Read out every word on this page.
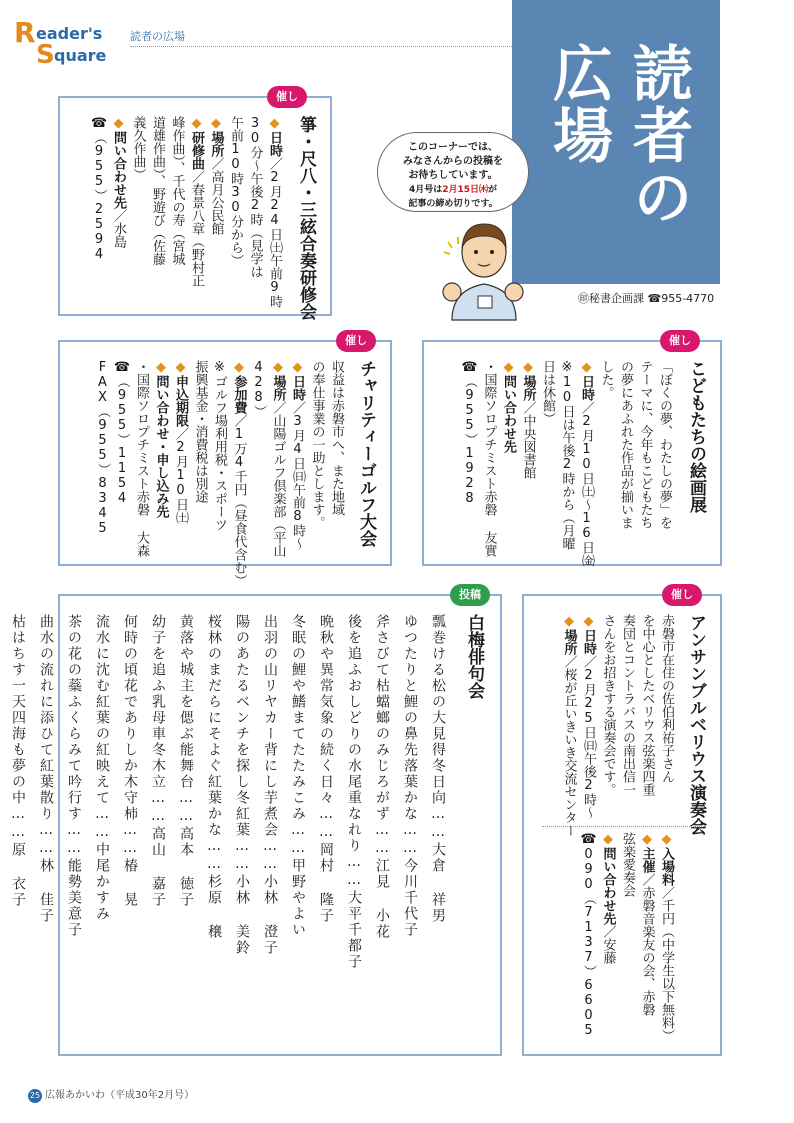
R eader's
S quare
読者の広場
読者の
広場
㊞秘書企画課 ☎955-4770
このコーナーでは、
みなさんからの投稿を
お待ちしています。
4月号は2月15日㈭が
記事の締め切りです。
催し
箏・尺八・三絃合奏研修会
◆日時／2月24日㈯午前9時
30分〜午後2時（見学は
午前10時30分から）
◆場所／高月公民館
◆研修曲／春景八章（野村正
峰作曲）、千代の寿（宮城
道雄作曲）、野遊び（佐藤
義久作曲）
◆問い合わせ先／水島
☎（955）2594
催し
こどもたちの絵画展
「ぼくの夢、わたしの夢」を
テーマに、今年もこどもたち
の夢にあふれた作品が揃いま
した。
◆日時／2月10日㈯〜16日㈮
※10日は午後2時から（月曜
日は休館）
◆場所／中央図書館
◆問い合わせ先
・国際ソロプチミスト赤磐 友實
☎（955）1928
催し
チャリティーゴルフ大会
収益は赤磐市へ、また地域
の奉仕事業の一助とします。
◆日時／3月4日㈰午前8時〜
◆場所／山陽ゴルフ倶楽部（平山
428）
◆参加費／1万4千円（昼食代含む）
※ゴルフ場利用税・スポーツ
振興基金・消費税は別途
◆申込期限／2月10日㈯
◆問い合わせ・申し込み先
・国際ソロプチミスト赤磐 大森
☎（955）1154
FAX（955）8345
催し
アンサンブルベリウス演奏会
赤磐市在住の佐伯利祐子さん
を中心としたベリウス弦楽四重
奏団とコントラバスの南出信一
さんをお招きする演奏会です。
◆日時／2月25日㈰午後2時〜
◆場所／桜が丘いきいき交流センター
◆入場料／千円（中学生以下無料）
◆主催／赤磐音楽友の会、赤磐
弦楽愛奏会
◆問い合わせ先／安藤
☎090（7137）6605
投稿
白梅俳句会
瓢巻ける松の大見得冬日向……大倉 祥男
ゆつたりと鯉の鼻先落葉かな……今川千代子
斧さびて枯蟷螂のみじろがず……江見 小花
後を追ふおしどりの水尾重なれり……大平千都子
晩秋や異常気象の続く日々……岡村 隆子
冬眠の鯉や鰭まてたたみこみ……甲野やよい
出羽の山リヤカー背にし芋煮会……小林 澄子
陽のあたるベンチを探し冬紅葉……小林 美鈴
桜林のまだらにそよぐ紅葉かな……杉原 穣
黄落や城主を偲ぶ能舞台……高本 徳子
幼子を追ふ乳母車冬木立……高山 嘉子
何時の頃花でありしか木守柿……椿 晃
流水に沈む紅葉の紅映えて……中尾かすみ
茶の花の蘂ふくらみて吟行す……能勢美意子
曲水の流れに添ひて紅葉散り……林 佳子
枯はちす一天四海も夢の中……原 衣子
25 広報あかいわ（平成30年2月号）
